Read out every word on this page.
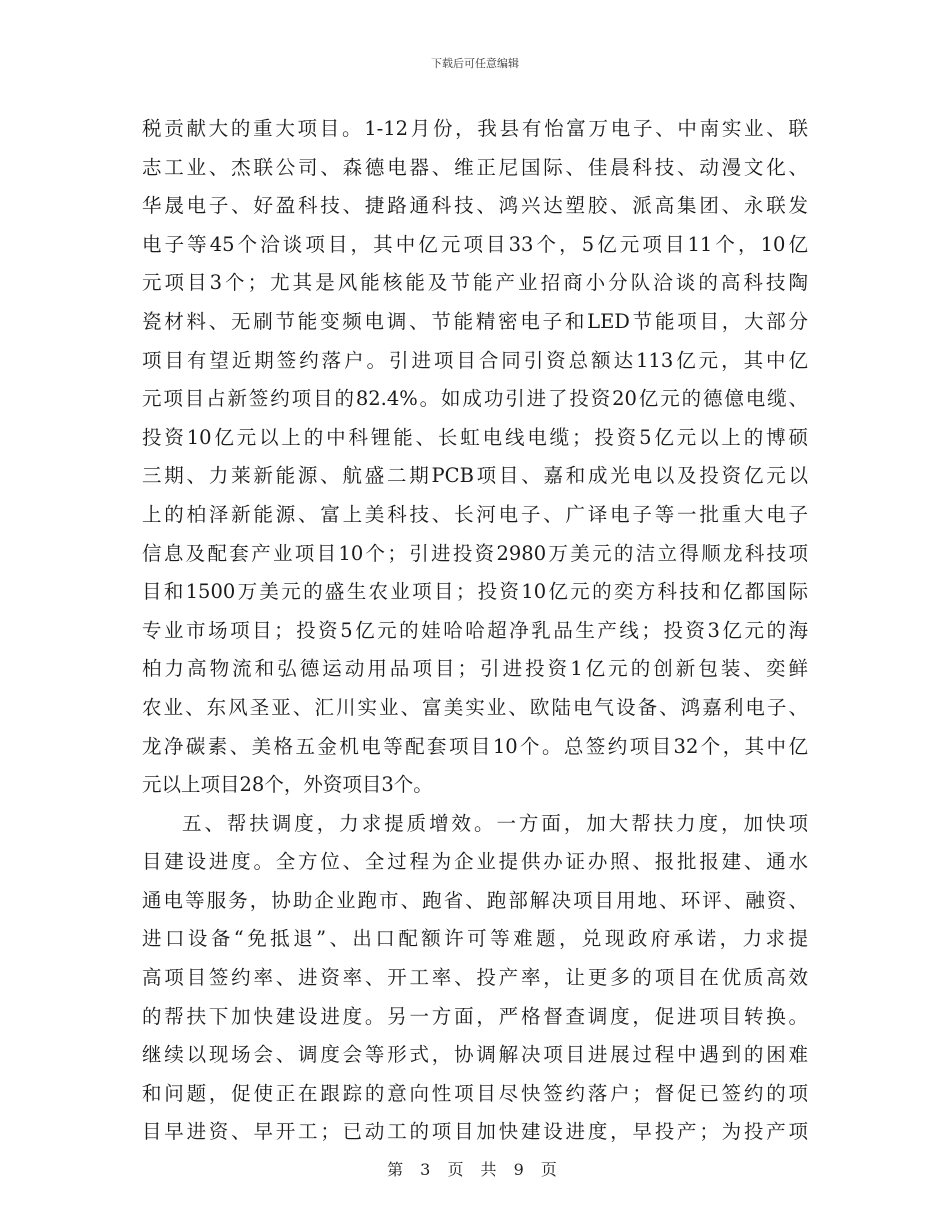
下载后可任意编辑
税贡献大的重大项目。1-12月份，我县有怡富万电子、中南实业、联
志工业、杰联公司、森德电器、维正尼国际、佳晨科技、动漫文化、
华晟电子、好盈科技、捷路通科技、鸿兴达塑胶、派高集团、永联发
电子等45个洽谈项目，其中亿元项目33个，5亿元项目11个，10亿
元项目3个；尤其是风能核能及节能产业招商小分队洽谈的高科技陶
瓷材料、无刷节能变频电调、节能精密电子和LED节能项目，大部分
项目有望近期签约落户。引进项目合同引资总额达113亿元，其中亿
元项目占新签约项目的82.4%。如成功引进了投资20亿元的德億电缆、
投资10亿元以上的中科锂能、长虹电线电缆；投资5亿元以上的博硕
三期、力莱新能源、航盛二期PCB项目、嘉和成光电以及投资亿元以
上的柏泽新能源、富上美科技、长河电子、广译电子等一批重大电子
信息及配套产业项目10个；引进投资2980万美元的洁立得顺龙科技项
目和1500万美元的盛生农业项目；投资10亿元的奕方科技和亿都国际
专业市场项目；投资5亿元的娃哈哈超净乳品生产线；投资3亿元的海
柏力高物流和弘德运动用品项目；引进投资1亿元的创新包装、奕鲜
农业、东风圣亚、汇川实业、富美实业、欧陆电气设备、鸿嘉利电子、
龙净碳素、美格五金机电等配套项目10个。总签约项目32个，其中亿
元以上项目28个，外资项目3个。
五、帮扶调度，力求提质增效。一方面，加大帮扶力度，加快项
目建设进度。全方位、全过程为企业提供办证办照、报批报建、通水
通电等服务，协助企业跑市、跑省、跑部解决项目用地、环评、融资、
进口设备“免抵退”、出口配额许可等难题，兑现政府承诺，力求提
高项目签约率、进资率、开工率、投产率，让更多的项目在优质高效
的帮扶下加快建设进度。另一方面，严格督查调度，促进项目转换。
继续以现场会、调度会等形式，协调解决项目进展过程中遇到的困难
和问题，促使正在跟踪的意向性项目尽快签约落户；督促已签约的项
目早进资、早开工；已动工的项目加快建设进度，早投产；为投产项
第 3 页 共 9 页
